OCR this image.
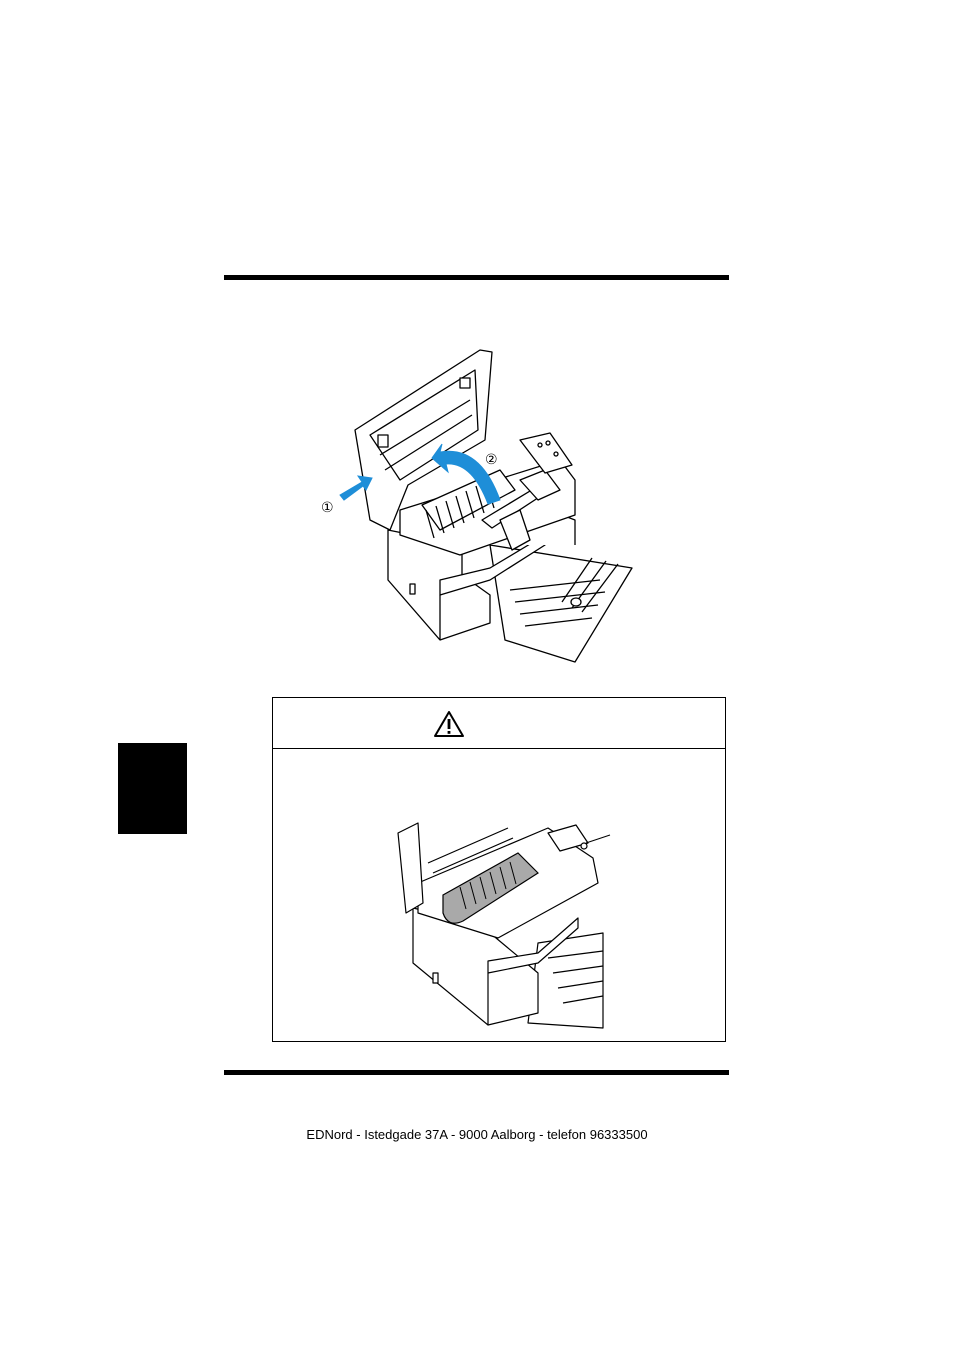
①
②
EDNord - Istedgade 37A - 9000 Aalborg - telefon 96333500
